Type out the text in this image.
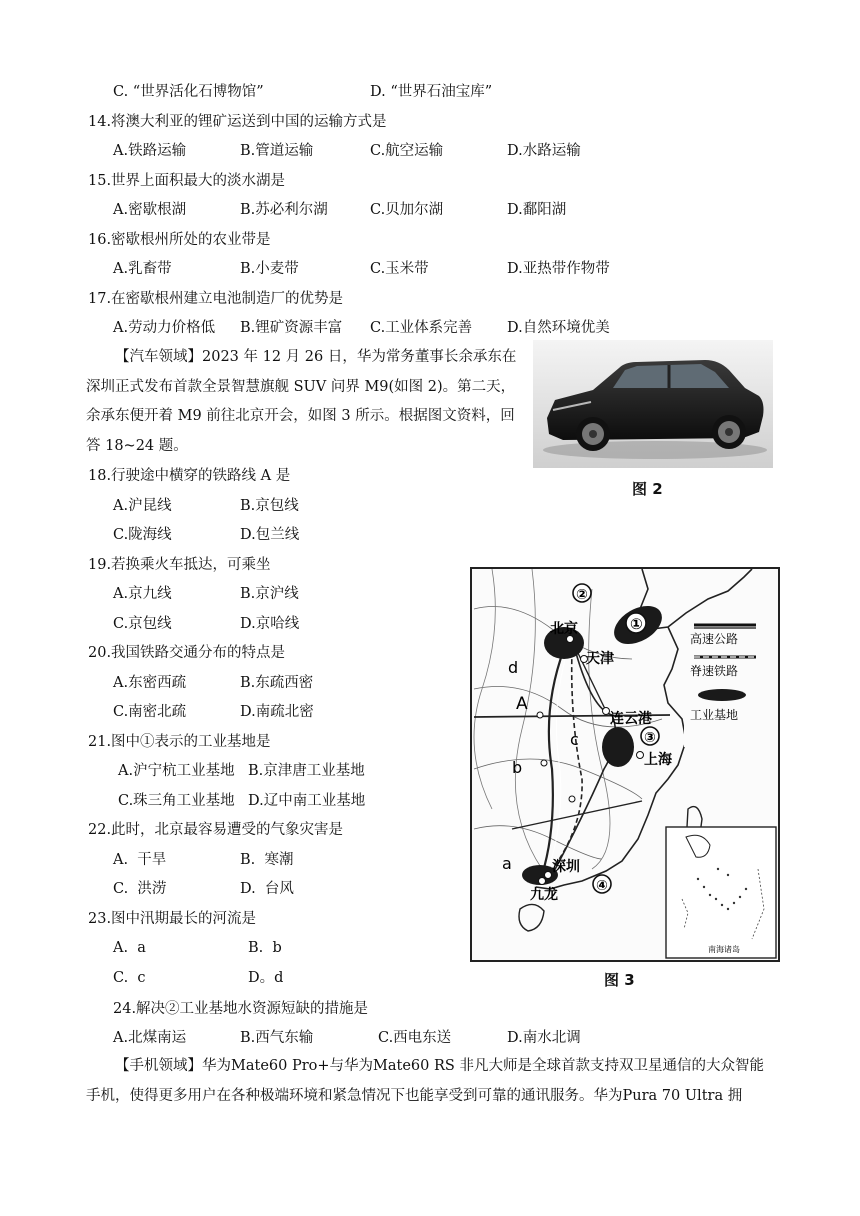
C. “世界活化石博物馆”	D. “世界石油宝库”
14.将澳大利亚的锂矿运送到中国的运输方式是
A.铁路运输	B.管道运输	C.航空运输	D.水路运输
15.世界上面积最大的淡水湖是
A.密歇根湖	B.苏必利尔湖	C.贝加尔湖	D.鄱阳湖
16.密歇根州所处的农业带是
A.乳畜带	B.小麦带	C.玉米带	D.亚热带作物带
17.在密歇根州建立电池制造厂的优势是
A.劳动力价格低 B.锂矿资源丰富 C.工业体系完善 D.自然环境优美
【汽车领域】2023 年 12 月 26 日，华为常务董事长余承东在深圳正式发布首款全景智慧旗舰 SUV 问界 M9(如图 2)。第二天，余承东便开着 M9 前往北京开会，如图 3 所示。根据图文资料，回答 18~24 题。
图 2
18.行驶途中横穿的铁路线 A 是
A.沪昆线	B.京包线
C.陇海线	D.包兰线
19.若换乘火车抵达，可乘坐
A.京九线	B.京沪线
C.京包线	D.京哈线
20.我国铁路交通分布的特点是
A.东密西疏	B.东疏西密
C.南密北疏	D.南疏北密
21.图中①表示的工业基地是
A.沪宁杭工业基地 B.京津唐工业基地
C.珠三角工业基地 D.辽中南工业基地
22.此时，北京最容易遭受的气象灾害是
A.  干旱	B.  寒潮
C.  洪涝	D.  台风
23.图中汛期最长的河流是
A.  a	B.  b
C.  c	D。d
高速公路
脊速铁路
工业基地
南海诸岛
北京
天津
连云港
上海
深圳
九龙
②
①
③
④
A
a
b
c
d
图 3
24.解决②工业基地水资源短缺的措施是
A.北煤南运	B.西气东输	C.西电东送	D.南水北调
【手机领域】华为Mate60 Pro+与华为Mate60 RS 非凡大师是全球首款支持双卫星通信的大众智能手机，使得更多用户在各种极端环境和紧急情况下也能享受到可靠的通讯服务。华为Pura 70 Ultra 拥
